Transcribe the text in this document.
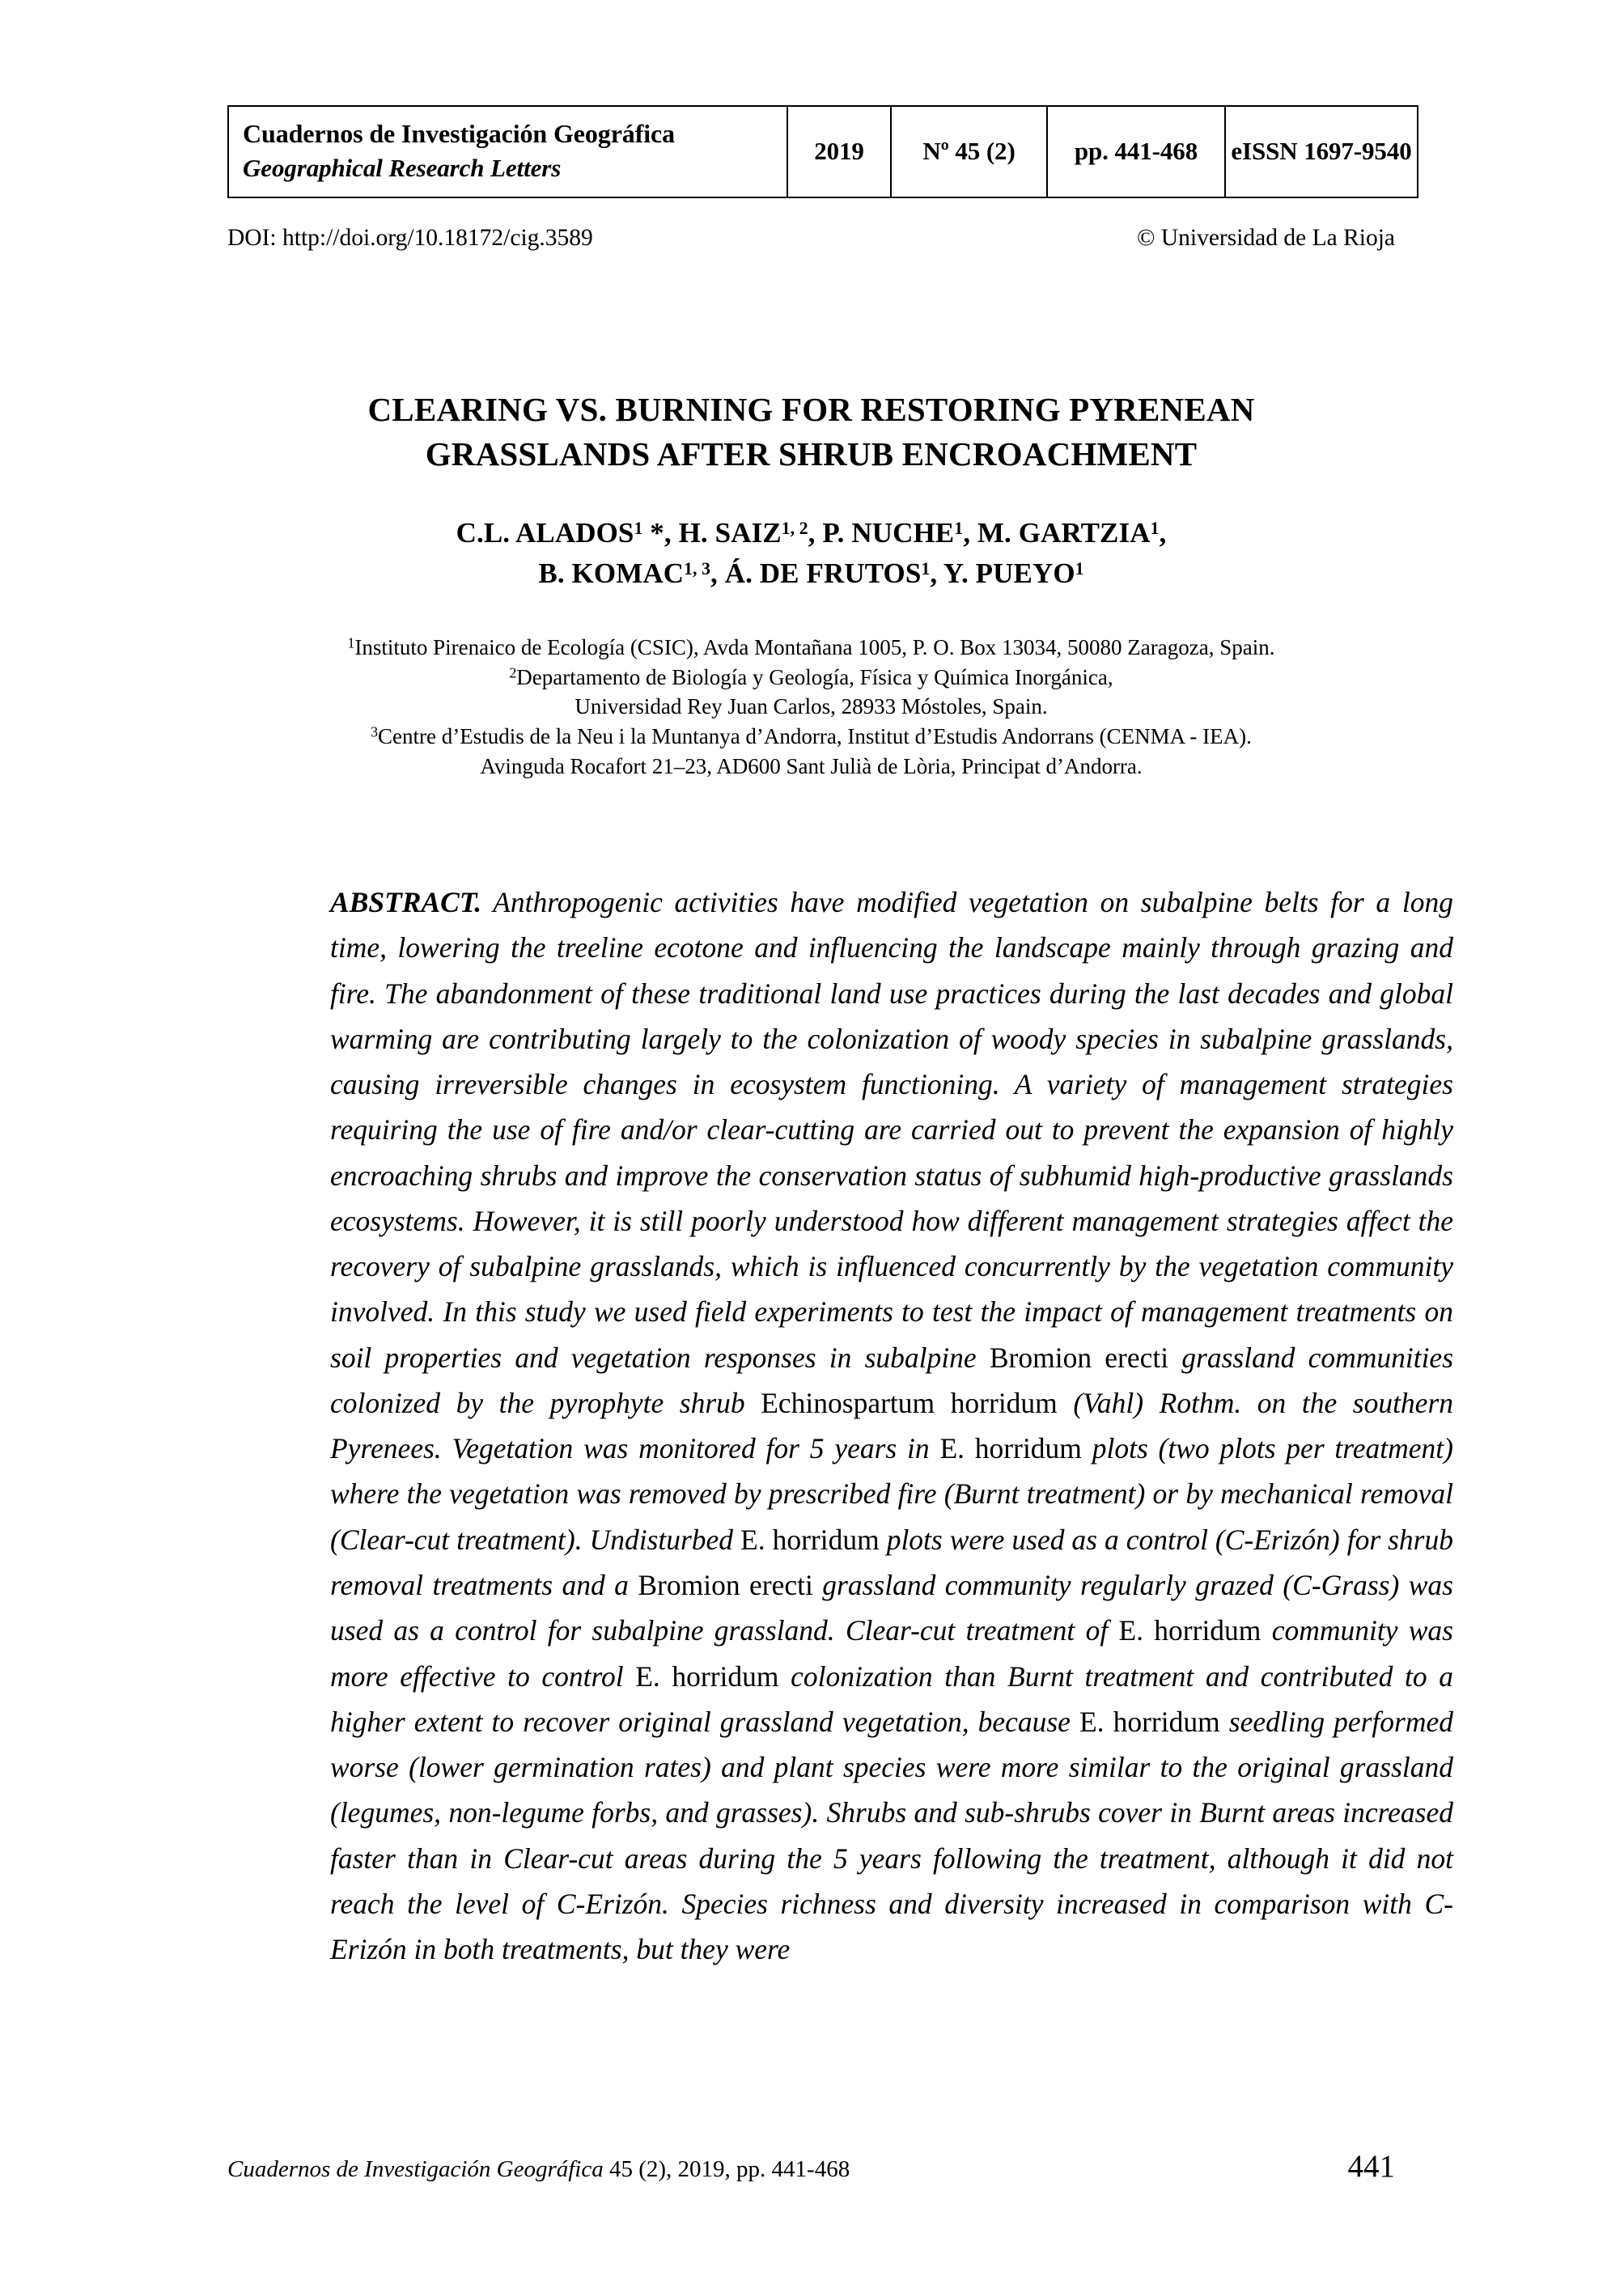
Cuadernos de Investigación Geográfica
Geographical Research Letters
	2019	Nº 45 (2)	pp. 441-468	eISSN 1697-9540
DOI: http://doi.org/10.18172/cig.3589	© Universidad de La Rioja
CLEARING VS. BURNING FOR RESTORING PYRENEAN
GRASSLANDS AFTER SHRUB ENCROACHMENT
C.L. ALADOS$^1$ *, H. SAIZ$^{1, 2}$, P. NUCHE$^1$, M. GARTZIA$^1$,
B. KOMAC$^{1, 3}$, Á. DE FRUTOS$^1$, Y. PUEYO$^1$
$^1$Instituto Pirenaico de Ecología (CSIC), Avda Montañana 1005, P. O. Box 13034, 50080 Zaragoza, Spain.
$^2$Departamento de Biología y Geología, Física y Química Inorgánica,
Universidad Rey Juan Carlos, 28933 Móstoles, Spain.
$^3$Centre d’Estudis de la Neu i la Muntanya d’Andorra, Institut d’Estudis Andorrans (CENMA - IEA).
Avinguda Rocafort 21–23, AD600 Sant Julià de Lòria, Principat d’Andorra.
ABSTRACT. Anthropogenic activities have modified vegetation on subalpine belts for a long time, lowering the treeline ecotone and influencing the landscape mainly through grazing and fire. The abandonment of these traditional land use practices during the last decades and global warming are contributing largely to the colonization of woody species in subalpine grasslands, causing irreversible changes in ecosystem functioning. A variety of management strategies requiring the use of fire and/or clear-cutting are carried out to prevent the expansion of highly encroaching shrubs and improve the conservation status of subhumid high-productive grasslands ecosystems. However, it is still poorly understood how different management strategies affect the recovery of subalpine grasslands, which is influenced concurrently by the vegetation community involved. In this study we used field experiments to test the impact of management treatments on soil properties and vegetation responses in subalpine Bromion erecti grassland communities colonized by the pyrophyte shrub Echinospartum horridum (Vahl) Rothm. on the southern Pyrenees. Vegetation was monitored for 5 years in E. horridum plots (two plots per treatment) where the vegetation was removed by prescribed fire (Burnt treatment) or by mechanical removal (Clear-cut treatment). Undisturbed E. horridum plots were used as a control (C-Erizón) for shrub removal treatments and a Bromion erecti grassland community regularly grazed (C-Grass) was used as a control for subalpine grassland. Clear-cut treatment of E. horridum community was more effective to control E. horridum colonization than Burnt treatment and contributed to a higher extent to recover original grassland vegetation, because E. horridum seedling performed worse (lower germination rates) and plant species were more similar to the original grassland (legumes, non-legume forbs, and grasses). Shrubs and sub-shrubs cover in Burnt areas increased faster than in Clear-cut areas during the 5 years following the treatment, although it did not reach the level of C-Erizón. Species richness and diversity increased in comparison with C-Erizón in both treatments, but they were
Cuadernos de Investigación Geográfica 45 (2), 2019, pp. 441-468	441
